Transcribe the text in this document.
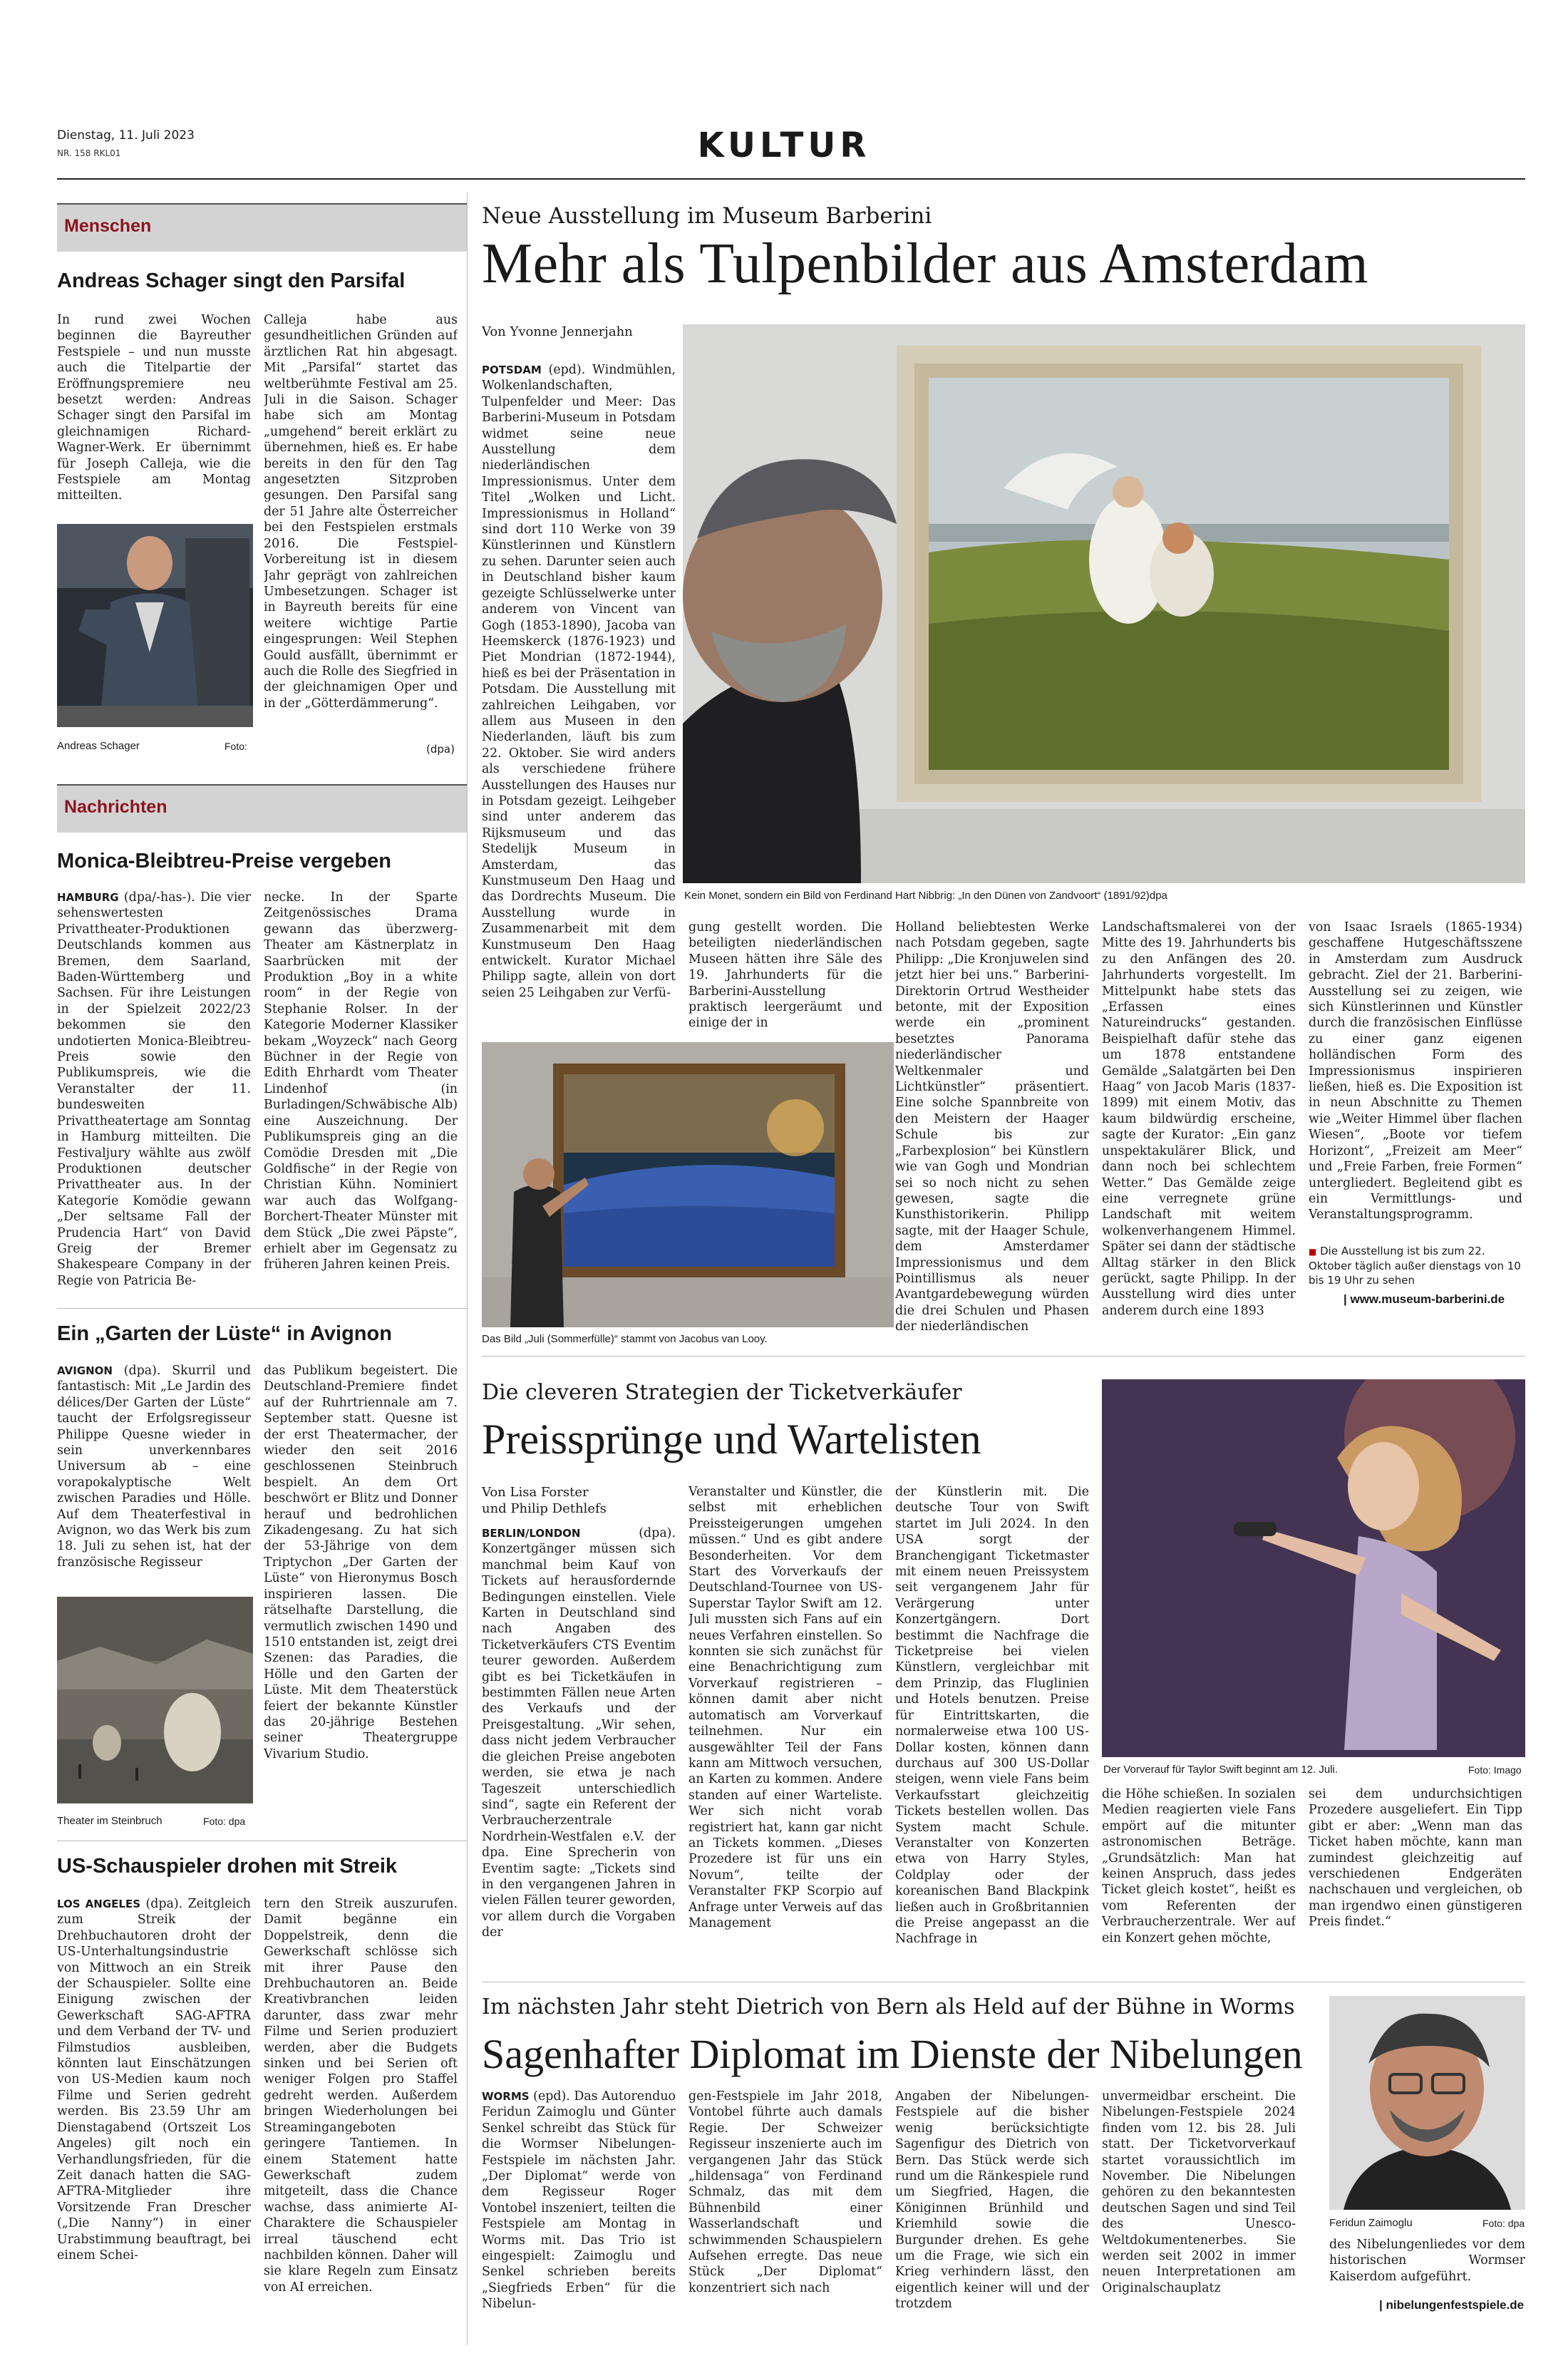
Dienstag, 11. Juli 2023
NR. 158 RKL01	KULTUR
Menschen
Andreas Schager singt den Parsifal
In rund zwei Wochen beginnen die Bayreuther Festspiele – und nun musste auch die Titelpartie der Eröffnungspremiere neu besetzt werden: Andreas Schager singt den Parsifal im gleichnamigen Richard-Wagner-Werk. Er übernimmt für Joseph Calleja, wie die Festspiele am Montag mitteilten.
Calleja habe aus gesundheitlichen Gründen auf ärztlichen Rat hin abgesagt. Mit „Parsifal“ startet das weltberühmte Festival am 25. Juli in die Saison. Schager habe sich am Montag „umgehend“ bereit erklärt zu übernehmen, hieß es. Er habe bereits in den für den Tag angesetzten Sitzproben gesungen. Den Parsifal sang der 51 Jahre alte Österreicher bei den Festspielen erstmals 2016. Die Festspiel-Vorbereitung ist in diesem Jahr geprägt von zahlreichen Umbesetzungen. Schager ist in Bayreuth bereits für eine weitere wichtige Partie eingesprungen: Weil Stephen Gould ausfällt, übernimmt er auch die Rolle des Siegfried in der gleichnamigen Oper und in der „Götterdämmerung“.
(dpa)
Andreas Schager	Foto:
Nachrichten
Monica-Bleibtreu-Preise vergeben
HAMBURG (dpa/-has-). Die vier sehenswertesten Privattheater-Produktionen Deutschlands kommen aus Bremen, dem Saarland, Baden-Württemberg und Sachsen. Für ihre Leistungen in der Spielzeit 2022/23 bekommen sie den undotierten Monica-Bleibtreu-Preis sowie den Publikumspreis, wie die Veranstalter der 11. bundesweiten Privattheatertage am Sonntag in Hamburg mitteilten. Die Festivaljury wählte aus zwölf Produktionen deutscher Privattheater aus. In der Kategorie Komödie gewann „Der seltsame Fall der Prudencia Hart“ von David Greig der Bremer Shakespeare Company in der Regie von Patricia Be-
necke. In der Sparte Zeitgenössisches Drama gewann das überzwerg-Theater am Kästnerplatz in Saarbrücken mit der Produktion „Boy in a white room“ in der Regie von Stephanie Rolser. In der Kategorie Moderner Klassiker bekam „Woyzeck“ nach Georg Büchner in der Regie von Edith Ehrhardt vom Theater Lindenhof (in Burladingen/Schwäbische Alb) eine Auszeichnung. Der Publikumspreis ging an die Comödie Dresden mit „Die Goldfische“ in der Regie von Christian Kühn. Nominiert war auch das Wolfgang-Borchert-Theater Münster mit dem Stück „Die zwei Päpste“, erhielt aber im Gegensatz zu früheren Jahren keinen Preis.
Ein „Garten der Lüste“ in Avignon
AVIGNON (dpa). Skurril und fantastisch: Mit „Le Jardin des délices/Der Garten der Lüste“ taucht der Erfolgsregisseur Philippe Quesne wieder in sein unverkennbares Universum ab – eine vorapokalyptische Welt zwischen Paradies und Hölle. Auf dem Theaterfestival in Avignon, wo das Werk bis zum 18. Juli zu sehen ist, hat der französische Regisseur
das Publikum begeistert. Die Deutschland-Premiere findet auf der Ruhrtriennale am 7. September statt. Quesne ist der erst Theatermacher, der wieder den seit 2016 geschlossenen Steinbruch bespielt. An dem Ort beschwört er Blitz und Donner herauf und bedrohlichen Zikadengesang. Zu hat sich der 53-Jährige von dem Triptychon „Der Garten der Lüste“ von Hieronymus Bosch inspirieren lassen. Die rätselhafte Darstellung, die vermutlich zwischen 1490 und 1510 entstanden ist, zeigt drei Szenen: das Paradies, die Hölle und den Garten der Lüste. Mit dem Theaterstück feiert der bekannte Künstler das 20-jährige Bestehen seiner Theatergruppe Vivarium Studio.
Theater im Steinbruch	Foto: dpa
US-Schauspieler drohen mit Streik
LOS ANGELES (dpa). Zeitgleich zum Streik der Drehbuchautoren droht der US-Unterhaltungsindustrie von Mittwoch an ein Streik der Schauspieler. Sollte eine Einigung zwischen der Gewerkschaft SAG-AFTRA und dem Verband der TV- und Filmstudios ausbleiben, könnten laut Einschätzungen von US-Medien kaum noch Filme und Serien gedreht werden. Bis 23.59 Uhr am Dienstagabend (Ortszeit Los Angeles) gilt noch ein Verhandlungsfrieden, für die Zeit danach hatten die SAG-AFTRA-Mitglieder ihre Vorsitzende Fran Drescher („Die Nanny“) in einer Urabstimmung beauftragt, bei einem Schei-
tern den Streik auszurufen. Damit begänne ein Doppelstreik, denn die Gewerkschaft schlösse sich mit ihrer Pause den Drehbuchautoren an. Beide Kreativbranchen leiden darunter, dass zwar mehr Filme und Serien produziert werden, aber die Budgets sinken und bei Serien oft weniger Folgen pro Staffel gedreht werden. Außerdem bringen Wiederholungen bei Streamingangeboten geringere Tantiemen. In einem Statement hatte Gewerkschaft zudem mitgeteilt, dass die Chance wachse, dass animierte AI-Charaktere die Schauspieler irreal täuschend echt nachbilden können. Daher will sie klare Regeln zum Einsatz von AI erreichen.
Neue Ausstellung im Museum Barberini
Mehr als Tulpenbilder aus Amsterdam
Von Yvonne Jennerjahn
POTSDAM (epd). Windmühlen, Wolkenlandschaften, Tulpenfelder und Meer: Das Barberini-Museum in Potsdam widmet seine neue Ausstellung dem niederländischen Impressionismus. Unter dem Titel „Wolken und Licht. Impressionismus in Holland“ sind dort 110 Werke von 39 Künstlerinnen und Künstlern zu sehen. Darunter seien auch in Deutschland bisher kaum gezeigte Schlüsselwerke unter anderem von Vincent van Gogh (1853-1890), Jacoba van Heemskerck (1876-1923) und Piet Mondrian (1872-1944), hieß es bei der Präsentation in Potsdam. Die Ausstellung mit zahlreichen Leihgaben, vor allem aus Museen in den Niederlanden, läuft bis zum 22. Oktober. Sie wird anders als verschiedene frühere Ausstellungen des Hauses nur in Potsdam gezeigt. Leihgeber sind unter anderem das Rijksmuseum und das Stedelijk Museum in Amsterdam, das Kunstmuseum Den Haag und das Dordrechts Museum. Die Ausstellung wurde in Zusammenarbeit mit dem Kunstmuseum Den Haag entwickelt. Kurator Michael Philipp sagte, allein von dort seien 25 Leihgaben zur Verfü-
Kein Monet, sondern ein Bild von Ferdinand Hart Nibbrig: „In den Dünen von Zandvoort“ (1891/92)dpa
gung gestellt worden. Die beteiligten niederländischen Museen hätten ihre Säle des 19. Jahrhunderts für die Barberini-Ausstellung praktisch leergeräumt und einige der in
Holland beliebtesten Werke nach Potsdam gegeben, sagte Philipp: „Die Kronjuwelen sind jetzt hier bei uns.“ Barberini-Direktorin Ortrud Westheider betonte, mit der Exposition werde ein „prominent besetztes Panorama niederländischer Weltkenmaler und Lichtkünstler“ präsentiert. Eine solche Spannbreite von den Meistern der Haager Schule bis zur „Farbexplosion“ bei Künstlern wie van Gogh und Mondrian sei so noch nicht zu sehen gewesen, sagte die Kunsthistorikerin. Philipp sagte, mit der Haager Schule, dem Amsterdamer Impressionismus und dem Pointillismus als neuer Avantgardebewegung würden die drei Schulen und Phasen der niederländischen
Landschaftsmalerei von der Mitte des 19. Jahrhunderts bis zu den Anfängen des 20. Jahrhunderts vorgestellt. Im Mittelpunkt habe stets das „Erfassen eines Natureindrucks“ gestanden. Beispielhaft dafür stehe das um 1878 entstandene Gemälde „Salatgärten bei Den Haag“ von Jacob Maris (1837-1899) mit einem Motiv, das kaum bildwürdig erscheine, sagte der Kurator: „Ein ganz unspektakulärer Blick, und dann noch bei schlechtem Wetter.“ Das Gemälde zeige eine verregnete grüne Landschaft mit weitem wolkenverhangenem Himmel. Später sei dann der städtische Alltag stärker in den Blick gerückt, sagte Philipp. In der Ausstellung wird dies unter anderem durch eine 1893
von Isaac Israels (1865-1934) geschaffene Hutgeschäftsszene in Amsterdam zum Ausdruck gebracht. Ziel der 21. Barberini-Ausstellung sei zu zeigen, wie sich Künstlerinnen und Künstler durch die französischen Einflüsse zu einer ganz eigenen holländischen Form des Impressionismus inspirieren ließen, hieß es. Die Exposition ist in neun Abschnitte zu Themen wie „Weiter Himmel über flachen Wiesen“, „Boote vor tiefem Horizont“, „Freizeit am Meer“ und „Freie Farben, freie Formen“ untergliedert. Begleitend gibt es ein Vermittlungs- und Veranstaltungsprogramm.
■ Die Ausstellung ist bis zum 22. Oktober täglich außer dienstags von 10 bis 19 Uhr zu sehen
| www.museum-barberini.de
Das Bild „Juli (Sommerfülle)“ stammt von Jacobus van Looy.
Die cleveren Strategien der Ticketverkäufer
Preissprünge und Wartelisten
Von Lisa Forster
und Philip Dethlefs
BERLIN/LONDON	(dpa). Konzertgänger müssen sich manchmal beim Kauf von Tickets auf herausfordernde Bedingungen einstellen. Viele Karten in Deutschland sind nach Angaben des Ticketverkäufers CTS Eventim teurer geworden. Außerdem gibt es bei Ticketkäufen in bestimmten Fällen neue Arten des Verkaufs und der Preisgestaltung. „Wir sehen, dass nicht jedem Verbraucher die gleichen Preise angeboten werden, sie etwa je nach Tageszeit unterschiedlich sind“, sagte ein Referent der Verbraucherzentrale Nordrhein-Westfalen e.V. der dpa. Eine Sprecherin von Eventim sagte: „Tickets sind in den vergangenen Jahren in vielen Fällen teurer geworden, vor allem durch die Vorgaben der
Veranstalter und Künstler, die selbst mit erheblichen Preissteigerungen umgehen müssen.“ Und es gibt andere Besonderheiten. Vor dem Start des Vorverkaufs der Deutschland-Tournee von US-Superstar Taylor Swift am 12. Juli mussten sich Fans auf ein neues Verfahren einstellen. So konnten sie sich zunächst für eine Benachrichtigung zum Vorverkauf registrieren – können damit aber nicht automatisch am Vorverkauf teilnehmen. Nur ein ausgewählter Teil der Fans kann am Mittwoch versuchen, an Karten zu kommen. Andere standen auf einer Warteliste. Wer sich nicht vorab registriert hat, kann gar nicht an Tickets kommen. „Dieses Prozedere ist für uns ein Novum“, teilte der Veranstalter FKP Scorpio auf Anfrage unter Verweis auf das Management
der Künstlerin mit. Die deutsche Tour von Swift startet im Juli 2024. In den USA sorgt der Branchengigant Ticketmaster mit einem neuen Preissystem seit vergangenem Jahr für Verärgerung unter Konzertgängern. Dort bestimmt die Nachfrage die Ticketpreise bei vielen Künstlern, vergleichbar mit dem Prinzip, das Fluglinien und Hotels benutzen. Preise für Eintrittskarten, die normalerweise etwa 100 US-Dollar kosten, können dann durchaus auf 300 US-Dollar steigen, wenn viele Fans beim Verkaufsstart gleichzeitig Tickets bestellen wollen. Das System macht Schule. Veranstalter von Konzerten etwa von Harry Styles, Coldplay oder der koreanischen Band Blackpink ließen auch in Großbritannien die Preise angepasst an die Nachfrage in
Der Vorverauf für Taylor Swift beginnt am 12. Juli.	Foto: Imago
die Höhe schießen. In sozialen Medien reagierten viele Fans empört auf die mitunter astronomischen Beträge. „Grundsätzlich: Man hat keinen Anspruch, dass jedes Ticket gleich kostet“, heißt es vom Referenten der Verbraucherzentrale. Wer auf ein Konzert gehen möchte,
sei dem undurchsichtigen Prozedere ausgeliefert. Ein Tipp gibt er aber: „Wenn man das Ticket haben möchte, kann man zumindest gleichzeitig auf verschiedenen Endgeräten nachschauen und vergleichen, ob man irgendwo einen günstigeren Preis findet.“
Im nächsten Jahr steht Dietrich von Bern als Held auf der Bühne in Worms
Sagenhafter Diplomat im Dienste der Nibelungen
WORMS (epd). Das Autorenduo Feridun Zaimoglu und Günter Senkel schreibt das Stück für die Wormser Nibelungen-Festspiele im nächsten Jahr. „Der Diplomat“ werde von dem Regisseur Roger Vontobel inszeniert, teilten die Festspiele am Montag in Worms mit. Das Trio ist eingespielt: Zaimoglu und Senkel schrieben bereits „Siegfrieds Erben“ für die Nibelun-
gen-Festspiele im Jahr 2018, Vontobel führte auch damals Regie. Der Schweizer Regisseur inszenierte auch im vergangenen Jahr das Stück „hildensaga“ von Ferdinand Schmalz, das mit dem Bühnenbild einer Wasserlandschaft und schwimmenden Schauspielern Aufsehen erregte. Das neue Stück „Der Diplomat“ konzentriert sich nach
Angaben der Nibelungen-Festspiele auf die bisher wenig berücksichtigte Sagenfigur des Dietrich von Bern. Das Stück werde sich rund um die Ränkespiele rund um Siegfried, Hagen, die Königinnen Brünhild und Kriemhild sowie die Burgunder drehen. Es gehe um die Frage, wie sich ein Krieg verhindern lässt, den eigentlich keiner will und der trotzdem
unvermeidbar erscheint. Die Nibelungen-Festspiele 2024 finden vom 12. bis 28. Juli statt. Der Ticketvorverkauf startet voraussichtlich im November. Die Nibelungen gehören zu den bekanntesten deutschen Sagen und sind Teil des Unesco-Weltdokumentenerbes. Sie werden seit 2002 in immer neuen Interpretationen am Originalschauplatz
Feridun Zaimoglu	Foto: dpa
des Nibelungenliedes vor dem historischen Wormser Kaiserdom aufgeführt.
| nibelungenfestspiele.de
